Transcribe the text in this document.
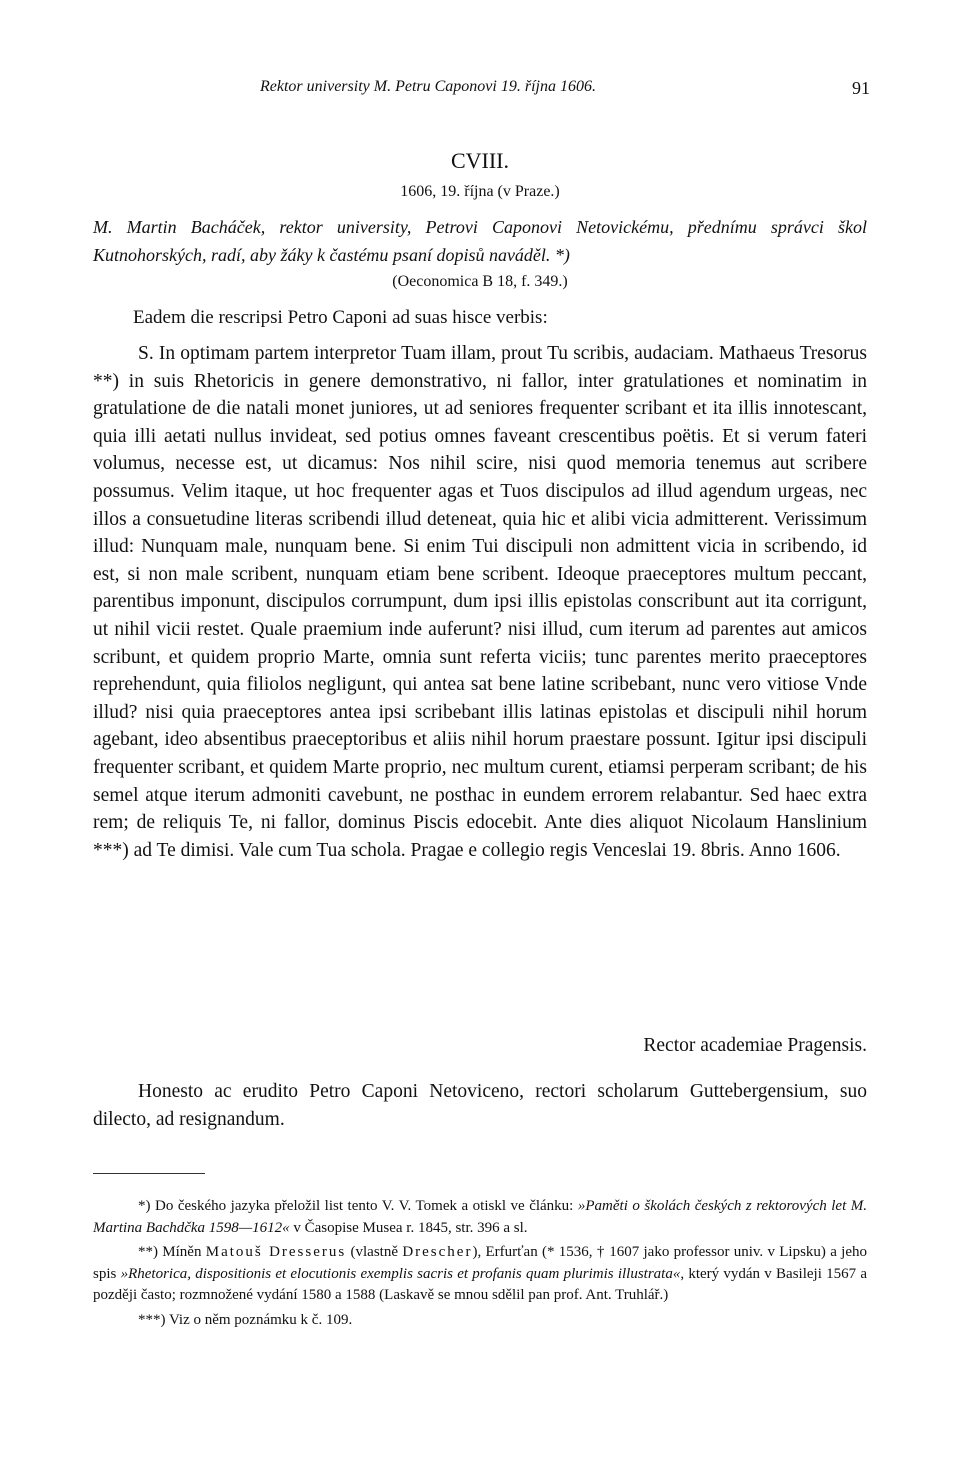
Rektor university M. Petru Caponovi 19. října 1606.	91
CVIII.
1606, 19. října (v Praze.)
M. Martin Bacháček, rektor university, Petrovi Caponovi Netovickému, přednímu správci škol Kutnohorských, radí, aby žáky k častému psaní dopisů naváděl. *)
(Oeconomica B 18, f. 349.)
Eadem die rescripsi Petro Caponi ad suas hisce verbis:

S. In optimam partem interpretor Tuam illam, prout Tu scribis, audaciam. Mathaeus Tresorus **) in suis Rhetoricis in genere demonstrativo, ni fallor, inter gratulationes et nominatim in gratulatione de die natali monet juniores, ut ad seniores frequenter scribant et ita illis innotescant, quia illi aetati nullus invideat, sed potius omnes faveant crescentibus poëtis. Et si verum fateri volumus, necesse est, ut dicamus: Nos nihil scire, nisi quod memoria tenemus aut scribere possumus. Velim itaque, ut hoc frequenter agas et Tuos discipulos ad illud agendum urgeas, nec illos a consuetudine literas scribendi illud deteneat, quia hic et alibi vicia admitterent. Verissimum illud: Nunquam male, nunquam bene. Si enim Tui discipuli non admittent vicia in scribendo, id est, si non male scribent, nunquam etiam bene scribent. Ideoque praeceptores multum peccant, parentibus imponunt, discipulos corrumpunt, dum ipsi illis epistolas conscribunt aut ita corrigunt, ut nihil vicii restet. Quale praemium inde auferunt? nisi illud, cum iterum ad parentes aut amicos scribunt, et quidem proprio Marte, omnia sunt referta viciis; tunc parentes merito praeceptores reprehendunt, quia filiolos negligunt, qui antea sat bene latine scribebant, nunc vero vitiose Vnde illud? nisi quia praeceptores antea ipsi scribebant illis latinas epistolas et discipuli nihil horum agebant, ideo absentibus praeceptoribus et aliis nihil horum praestare possunt. Igitur ipsi discipuli frequenter scribant, et quidem Marte proprio, nec multum curent, etiamsi perperam scribant; de his semel atque iterum admoniti cavebunt, ne posthac in eundem errorem relabantur. Sed haec extra rem; de reliquis Te, ni fallor, dominus Piscis edocebit. Ante dies aliquot Nicolaum Hanslinium ***) ad Te dimisi. Vale cum Tua schola. Pragae e collegio regis Venceslai 19. 8bris. Anno 1606.

Rector academiae Pragensis.

Honesto ac erudito Petro Caponi Netoviceno, rectori scholarum Guttebergensium, suo dilecto, ad resignandum.

*) Do českého jazyka přeložil list tento V. V. Tomek a otiskl ve článku: »Paměti o školách českých z rektorových let M. Martina Bachdčka 1598—1612« v Časopise Musea r. 1845, str. 396 a sl.

**) Míněn Matouš Dresserus (vlastně Drescher), Erfurťan (* 1536, † 1607 jako professor univ. v Lipsku) a jeho spis »Rhetorica, dispositionis et elocutionis exemplis sacris et profanis quam plurimis illustrata«, který vydán v Basileji 1567 a později často; rozmnožené vydání 1580 a 1588 (Laskavě se mnou sdělil pan prof. Ant. Truhlář.)

***) Viz o něm poznámku k č. 109.
